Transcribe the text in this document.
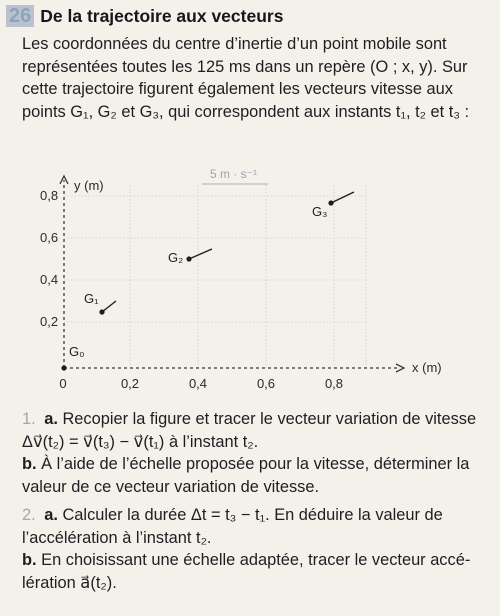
26 De la trajectoire aux vecteurs

Les coordonnées du centre d’inertie d’un point mobile sont

représentées toutes les 125 ms dans un repère (O ; x, y). Sur

cette trajectoire figurent également les vecteurs vitesse aux

points G₁, G₂ et G₃, qui correspondent aux instants t₁, t₂ et t₃ :

y (m)
x (m)
0	0,2	0,4	0,6	0,8
0,2
0,4
0,6
0,8
5 m · s⁻¹
G₀
G₁
G₂
G₃

1. a. Recopier la figure et tracer le vecteur variation de vitesse

Δv⃗(t₂) = v⃗(t₃) − v⃗(t₁) à l’instant t₂.

b. À l’aide de l’échelle proposée pour la vitesse, déterminer la

valeur de ce vecteur variation de vitesse.

2. a. Calculer la durée Δt = t₃ − t₁. En déduire la valeur de

l’accélération à l’instant t₂.

b. En choisissant une échelle adaptée, tracer le vecteur accé-

lération a⃗(t₂).
